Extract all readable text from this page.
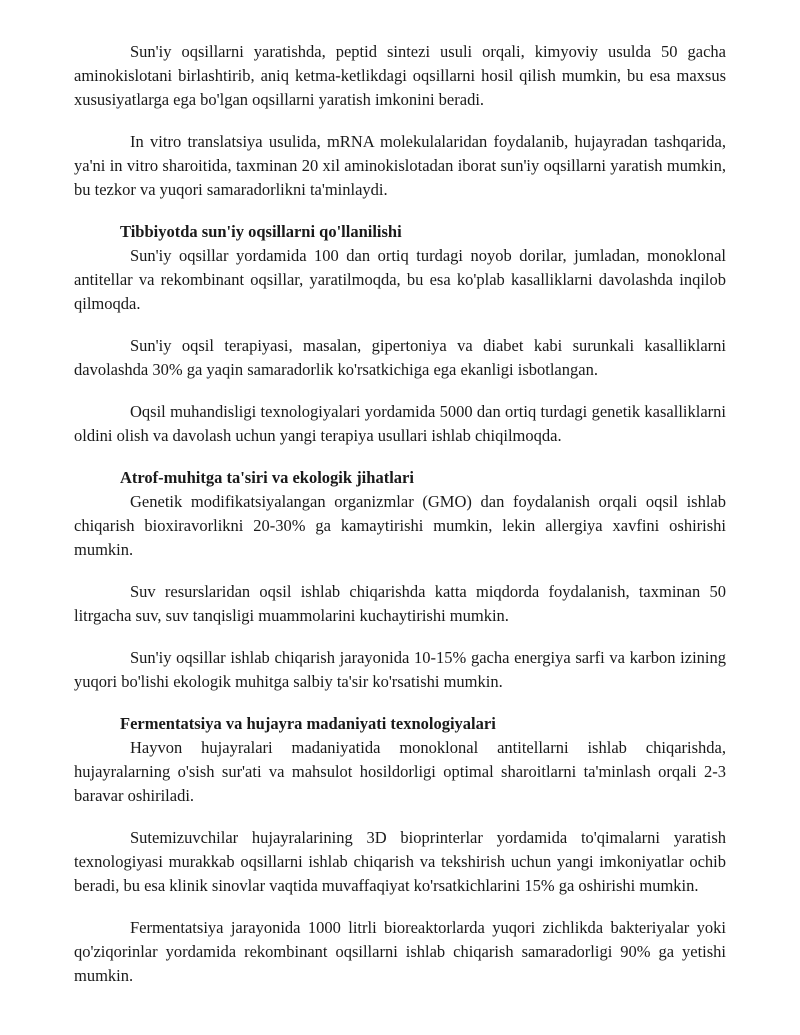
Sun'iy oqsillarni yaratishda, peptid sintezi usuli orqali, kimyoviy usulda 50 gacha aminokislotani birlashtirib, aniq ketma-ketlikdagi oqsillarni hosil qilish mumkin, bu esa maxsus xususiyatlarga ega bo'lgan oqsillarni yaratish imkonini beradi.

In vitro translatsiya usulida, mRNA molekulalaridan foydalanib, hujayradan tashqarida, ya'ni in vitro sharoitida, taxminan 20 xil aminokislotadan iborat sun'iy oqsillarni yaratish mumkin, bu tezkor va yuqori samaradorlikni ta'minlaydi.

Tibbiyotda sun'iy oqsillarni qo'llanilishi

Sun'iy oqsillar yordamida 100 dan ortiq turdagi noyob dorilar, jumladan, monoklonal antitellar va rekombinant oqsillar, yaratilmoqda, bu esa ko'plab kasalliklarni davolashda inqilob qilmoqda.

Sun'iy oqsil terapiyasi, masalan, gipertoniya va diabet kabi surunkali kasalliklarni davolashda 30% ga yaqin samaradorlik ko'rsatkichiga ega ekanligi isbotlangan.

Oqsil muhandisligi texnologiyalari yordamida 5000 dan ortiq turdagi genetik kasalliklarni oldini olish va davolash uchun yangi terapiya usullari ishlab chiqilmoqda.

Atrof-muhitga ta'siri va ekologik jihatlari

Genetik modifikatsiyalangan organizmlar (GMO) dan foydalanish orqali oqsil ishlab chiqarish bioxiravorlikni 20-30% ga kamaytirishi mumkin, lekin allergiya xavfini oshirishi mumkin.

Suv resurslaridan oqsil ishlab chiqarishda katta miqdorda foydalanish, taxminan 50 litrgacha suv, suv tanqisligi muammolarini kuchaytirishi mumkin.

Sun'iy oqsillar ishlab chiqarish jarayonida 10-15% gacha energiya sarfi va karbon izining yuqori bo'lishi ekologik muhitga salbiy ta'sir ko'rsatishi mumkin.

Fermentatsiya va hujayra madaniyati texnologiyalari

Hayvon hujayralari madaniyatida monoklonal antitellarni ishlab chiqarishda, hujayralarning o'sish sur'ati va mahsulot hosildorligi optimal sharoitlarni ta'minlash orqali 2-3 baravar oshiriladi.

Sutemizuvchilar hujayralarining 3D bioprinterlar yordamida to'qimalarni yaratish texnologiyasi murakkab oqsillarni ishlab chiqarish va tekshirish uchun yangi imkoniyatlar ochib beradi, bu esa klinik sinovlar vaqtida muvaffaqiyat ko'rsatkichlarini 15% ga oshirishi mumkin.

Fermentatsiya jarayonida 1000 litrli bioreaktorlarda yuqori zichlikda bakteriyalar yoki qo'ziqorinlar yordamida rekombinant oqsillarni ishlab chiqarish samaradorligi 90% ga yetishi mumkin.
